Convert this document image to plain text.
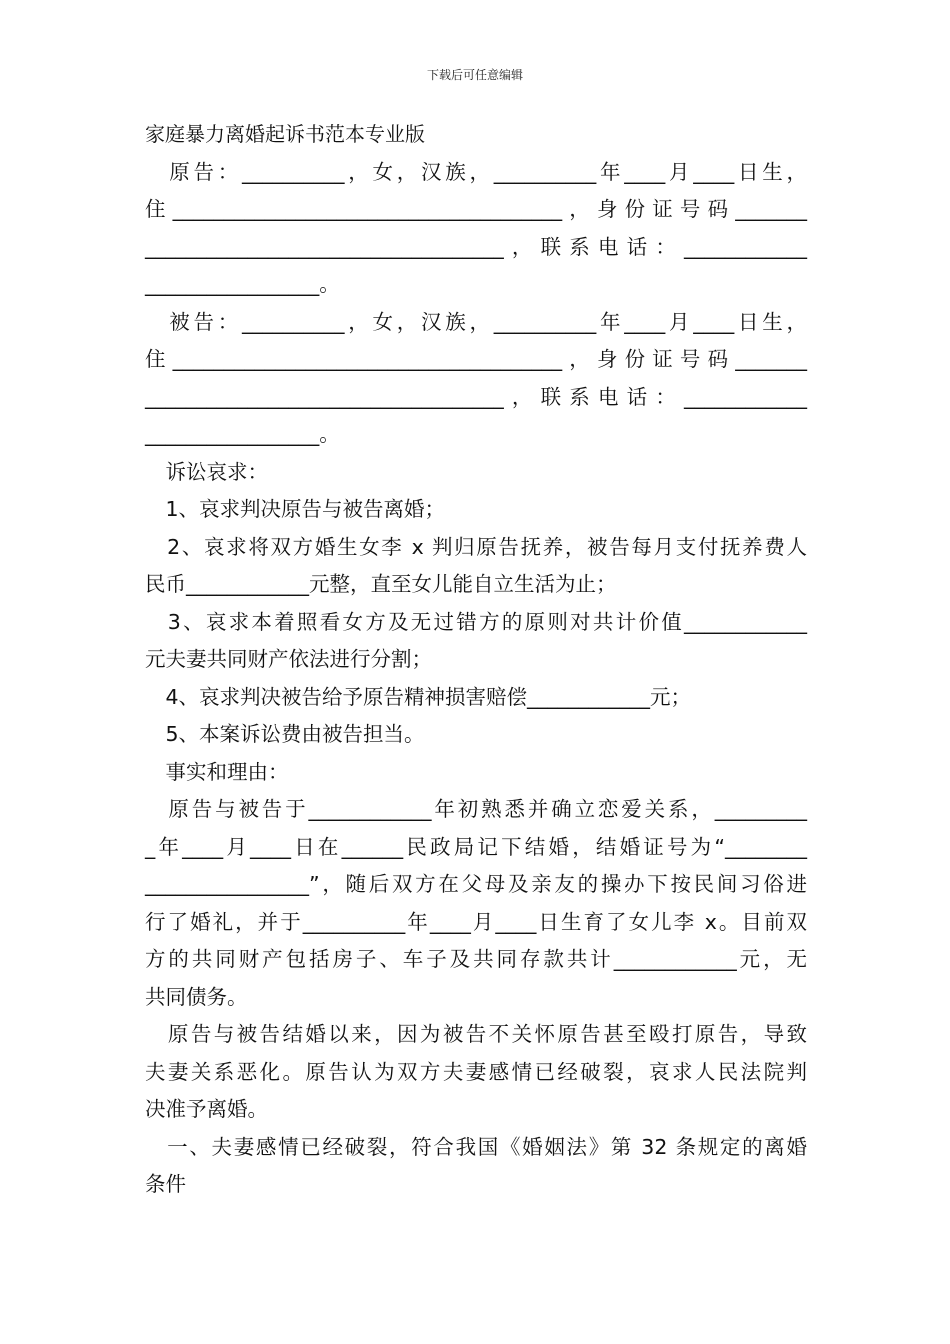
下载后可任意编辑
家庭暴力离婚起诉书范本专业版
　原告：__________，女，汉族，__________年____月____日生，
住______________________________________，身份证号码_______
___________________________________，联系电话：____________
_________________。
　被告：__________，女，汉族，__________年____月____日生，
住______________________________________，身份证号码_______
___________________________________，联系电话：____________
_________________。
　诉讼哀求：
　1、哀求判决原告与被告离婚；
　2、哀求将双方婚生女李 x 判归原告抚养，被告每月支付抚养费人
民币____________元整，直至女儿能自立生活为止；
　3、哀求本着照看女方及无过错方的原则对共计价值____________
元夫妻共同财产依法进行分割；
　4、哀求判决被告给予原告精神损害赔偿____________元；
　5、本案诉讼费由被告担当。
　事实和理由：
　原告与被告于____________年初熟悉并确立恋爱关系，_________
_年____月____日在______民政局记下结婚，结婚证号为“________
________________”，随后双方在父母及亲友的操办下按民间习俗进
行了婚礼，并于__________年____月____日生育了女儿李 x。目前双
方的共同财产包括房子、车子及共同存款共计____________元，无
共同债务。
　原告与被告结婚以来，因为被告不关怀原告甚至殴打原告，导致
夫妻关系恶化。原告认为双方夫妻感情已经破裂，哀求人民法院判
决准予离婚。
　一、夫妻感情已经破裂，符合我国《婚姻法》第 32 条规定的离婚
条件
